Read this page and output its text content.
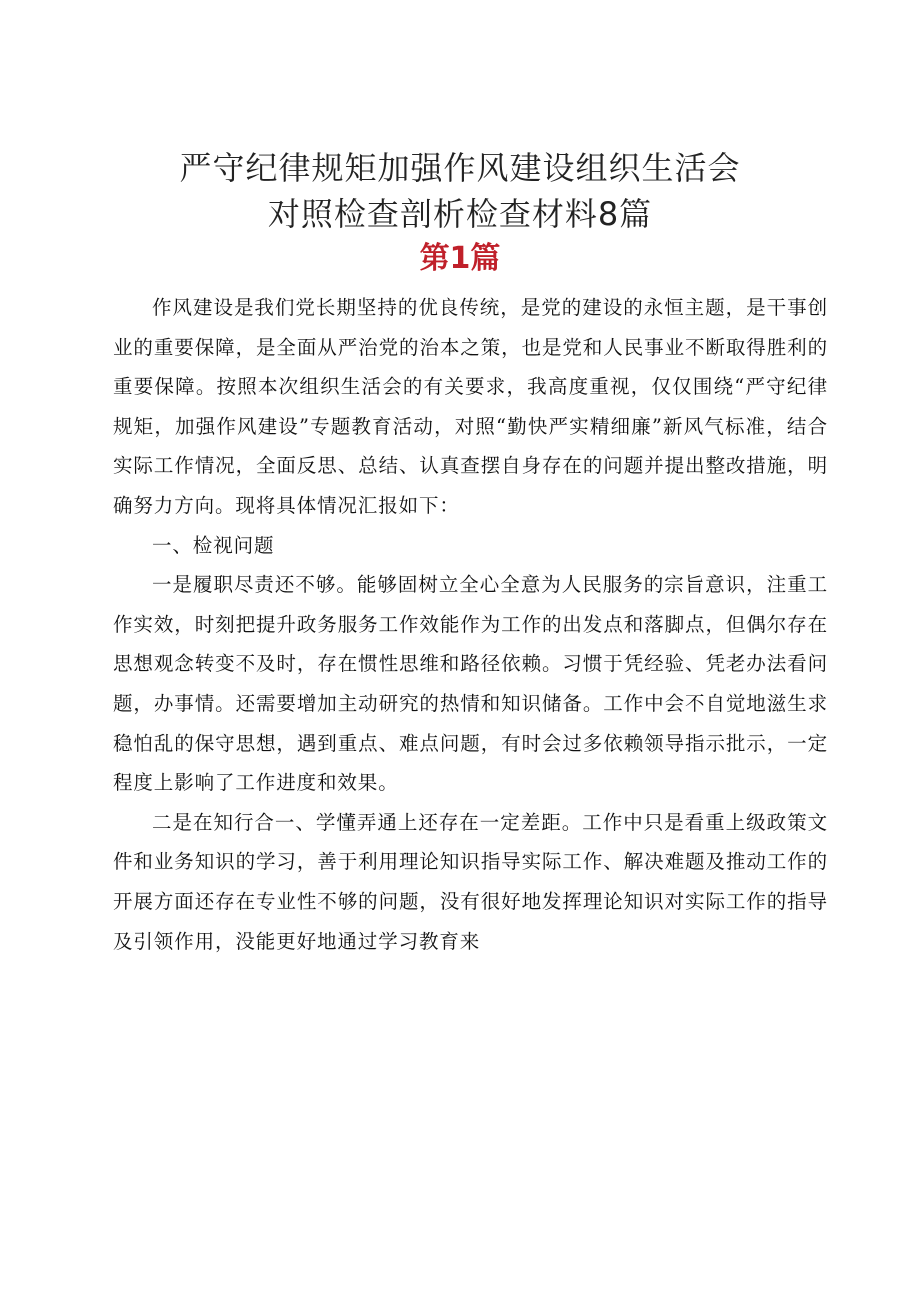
严守纪律规矩加强作风建设组织生活会
对照检查剖析检查材料8篇
第1篇

作风建设是我们党长期坚持的优良传统，是党的建设的永恒主题，是干事创业的重要保障，是全面从严治党的治本之策，也是党和人民事业不断取得胜利的重要保障。按照本次组织生活会的有关要求，我高度重视，仅仅围绕“严守纪律规矩，加强作风建设”专题教育活动，对照“勤快严实精细廉”新风气标准，结合实际工作情况，全面反思、总结、认真查摆自身存在的问题并提出整改措施，明确努力方向。现将具体情况汇报如下：

一、检视问题

一是履职尽责还不够。能够固树立全心全意为人民服务的宗旨意识，注重工作实效，时刻把提升政务服务工作效能作为工作的出发点和落脚点，但偶尔存在思想观念转变不及时，存在惯性思维和路径依赖。习惯于凭经验、凭老办法看问题，办事情。还需要增加主动研究的热情和知识储备。工作中会不自觉地滋生求稳怕乱的保守思想，遇到重点、难点问题，有时会过多依赖领导指示批示，一定程度上影响了工作进度和效果。

二是在知行合一、学懂弄通上还存在一定差距。工作中只是看重上级政策文件和业务知识的学习，善于利用理论知识指导实际工作、解决难题及推动工作的开展方面还存在专业性不够的问题，没有很好地发挥理论知识对实际工作的指导及引领作用，没能更好地通过学习教育来
